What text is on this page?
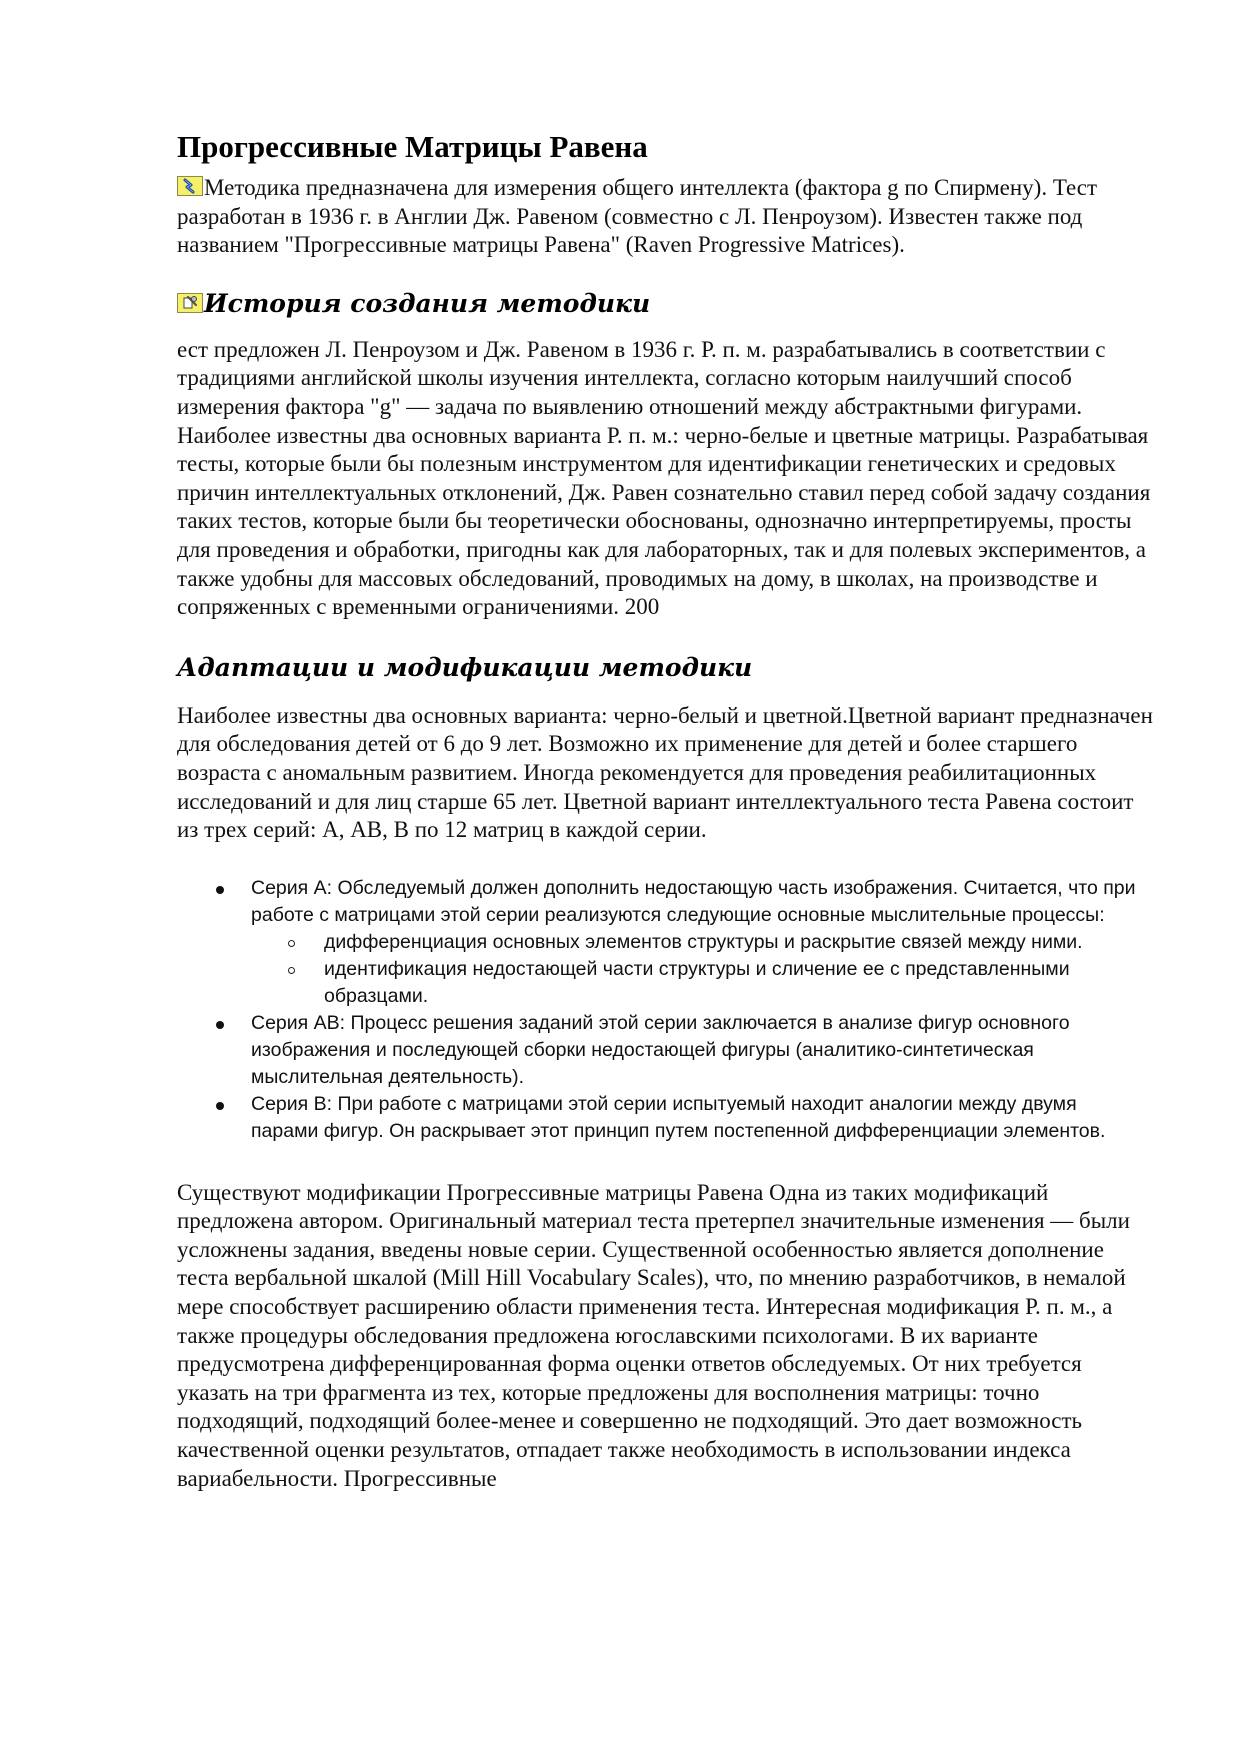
Прогрессивные Матрицы Равена

Методика предназначена для измерения общего интеллекта (фактора g по Спирмену). Тест разработан в 1936 г. в Англии Дж. Равеном (совместно с Л. Пенроузом). Известен также под названием "Прогрессивные матрицы Равена" (Raven Progressive Matrices).

История создания методики

ест предложен Л. Пенроузом и Дж. Равеном в 1936 г. Р. п. м. разрабатывались в соответствии с традициями английской школы изучения интеллекта, согласно которым наилучший способ измерения фактора "g" — задача по выявлению отношений между абстрактными фигурами. Наиболее известны два основных варианта Р. п. м.: черно-белые и цветные матрицы. Разрабатывая тесты, которые были бы полезным инструментом для идентификации генетических и средовых причин интеллектуальных отклонений, Дж. Равен сознательно ставил перед собой задачу создания таких тестов, которые были бы теоретически обоснованы, однозначно интерпретируемы, просты для проведения и обработки, пригодны как для лабораторных, так и для полевых экспериментов, а также удобны для массовых обследований, проводимых на дому, в школах, на производстве и сопряженных с временными ограничениями. 200

Адаптации и модификации методики

Наиболее известны два основных варианта: черно-белый и цветной.Цветной вариант предназначен для обследования детей от 6 до 9 лет. Возможно их применение для детей и более старшего возраста с аномальным развитием. Иногда рекомендуется для проведения реабилитационных исследований и для лиц старше 65 лет. Цветной вариант интеллектуального теста Равена состоит из трех серий: А, АВ, В по 12 матриц в каждой серии.

Серия А: Обследуемый должен дополнить недостающую часть изображения. Считается, что при работе с матрицами этой серии реализуются следующие основные мыслительные процессы:
дифференциация основных элементов структуры и раскрытие связей между ними.
идентификация недостающей части структуры и сличение ее с представленными образцами.
Серия АВ: Процесс решения заданий этой серии заключается в анализе фигур основного изображения и последующей сборки недостающей фигуры (аналитико-синтетическая мыслительная деятельность).
Серия В: При работе с матрицами этой серии испытуемый находит аналогии между двумя парами фигур. Он раскрывает этот принцип путем постепенной дифференциации элементов.

Существуют модификации Прогрессивные матрицы Равена Одна из таких модификаций предложена автором. Оригинальный материал теста претерпел значительные изменения — были усложнены задания, введены новые серии. Существенной особенностью является дополнение теста вербальной шкалой (Mill Hill Vocabulary Scales), что, по мнению разработчиков, в немалой мере способствует расширению области применения теста. Интересная модификация Р. п. м., а также процедуры обследования предложена югославскими психологами. В их варианте предусмотрена дифференцированная форма оценки ответов обследуемых. От них требуется указать на три фрагмента из тех, которые предложены для восполнения матрицы: точно подходящий, подходящий более-менее и совершенно не подходящий. Это дает возможность качественной оценки результатов, отпадает также необходимость в использовании индекса вариабельности. Прогрессивные
